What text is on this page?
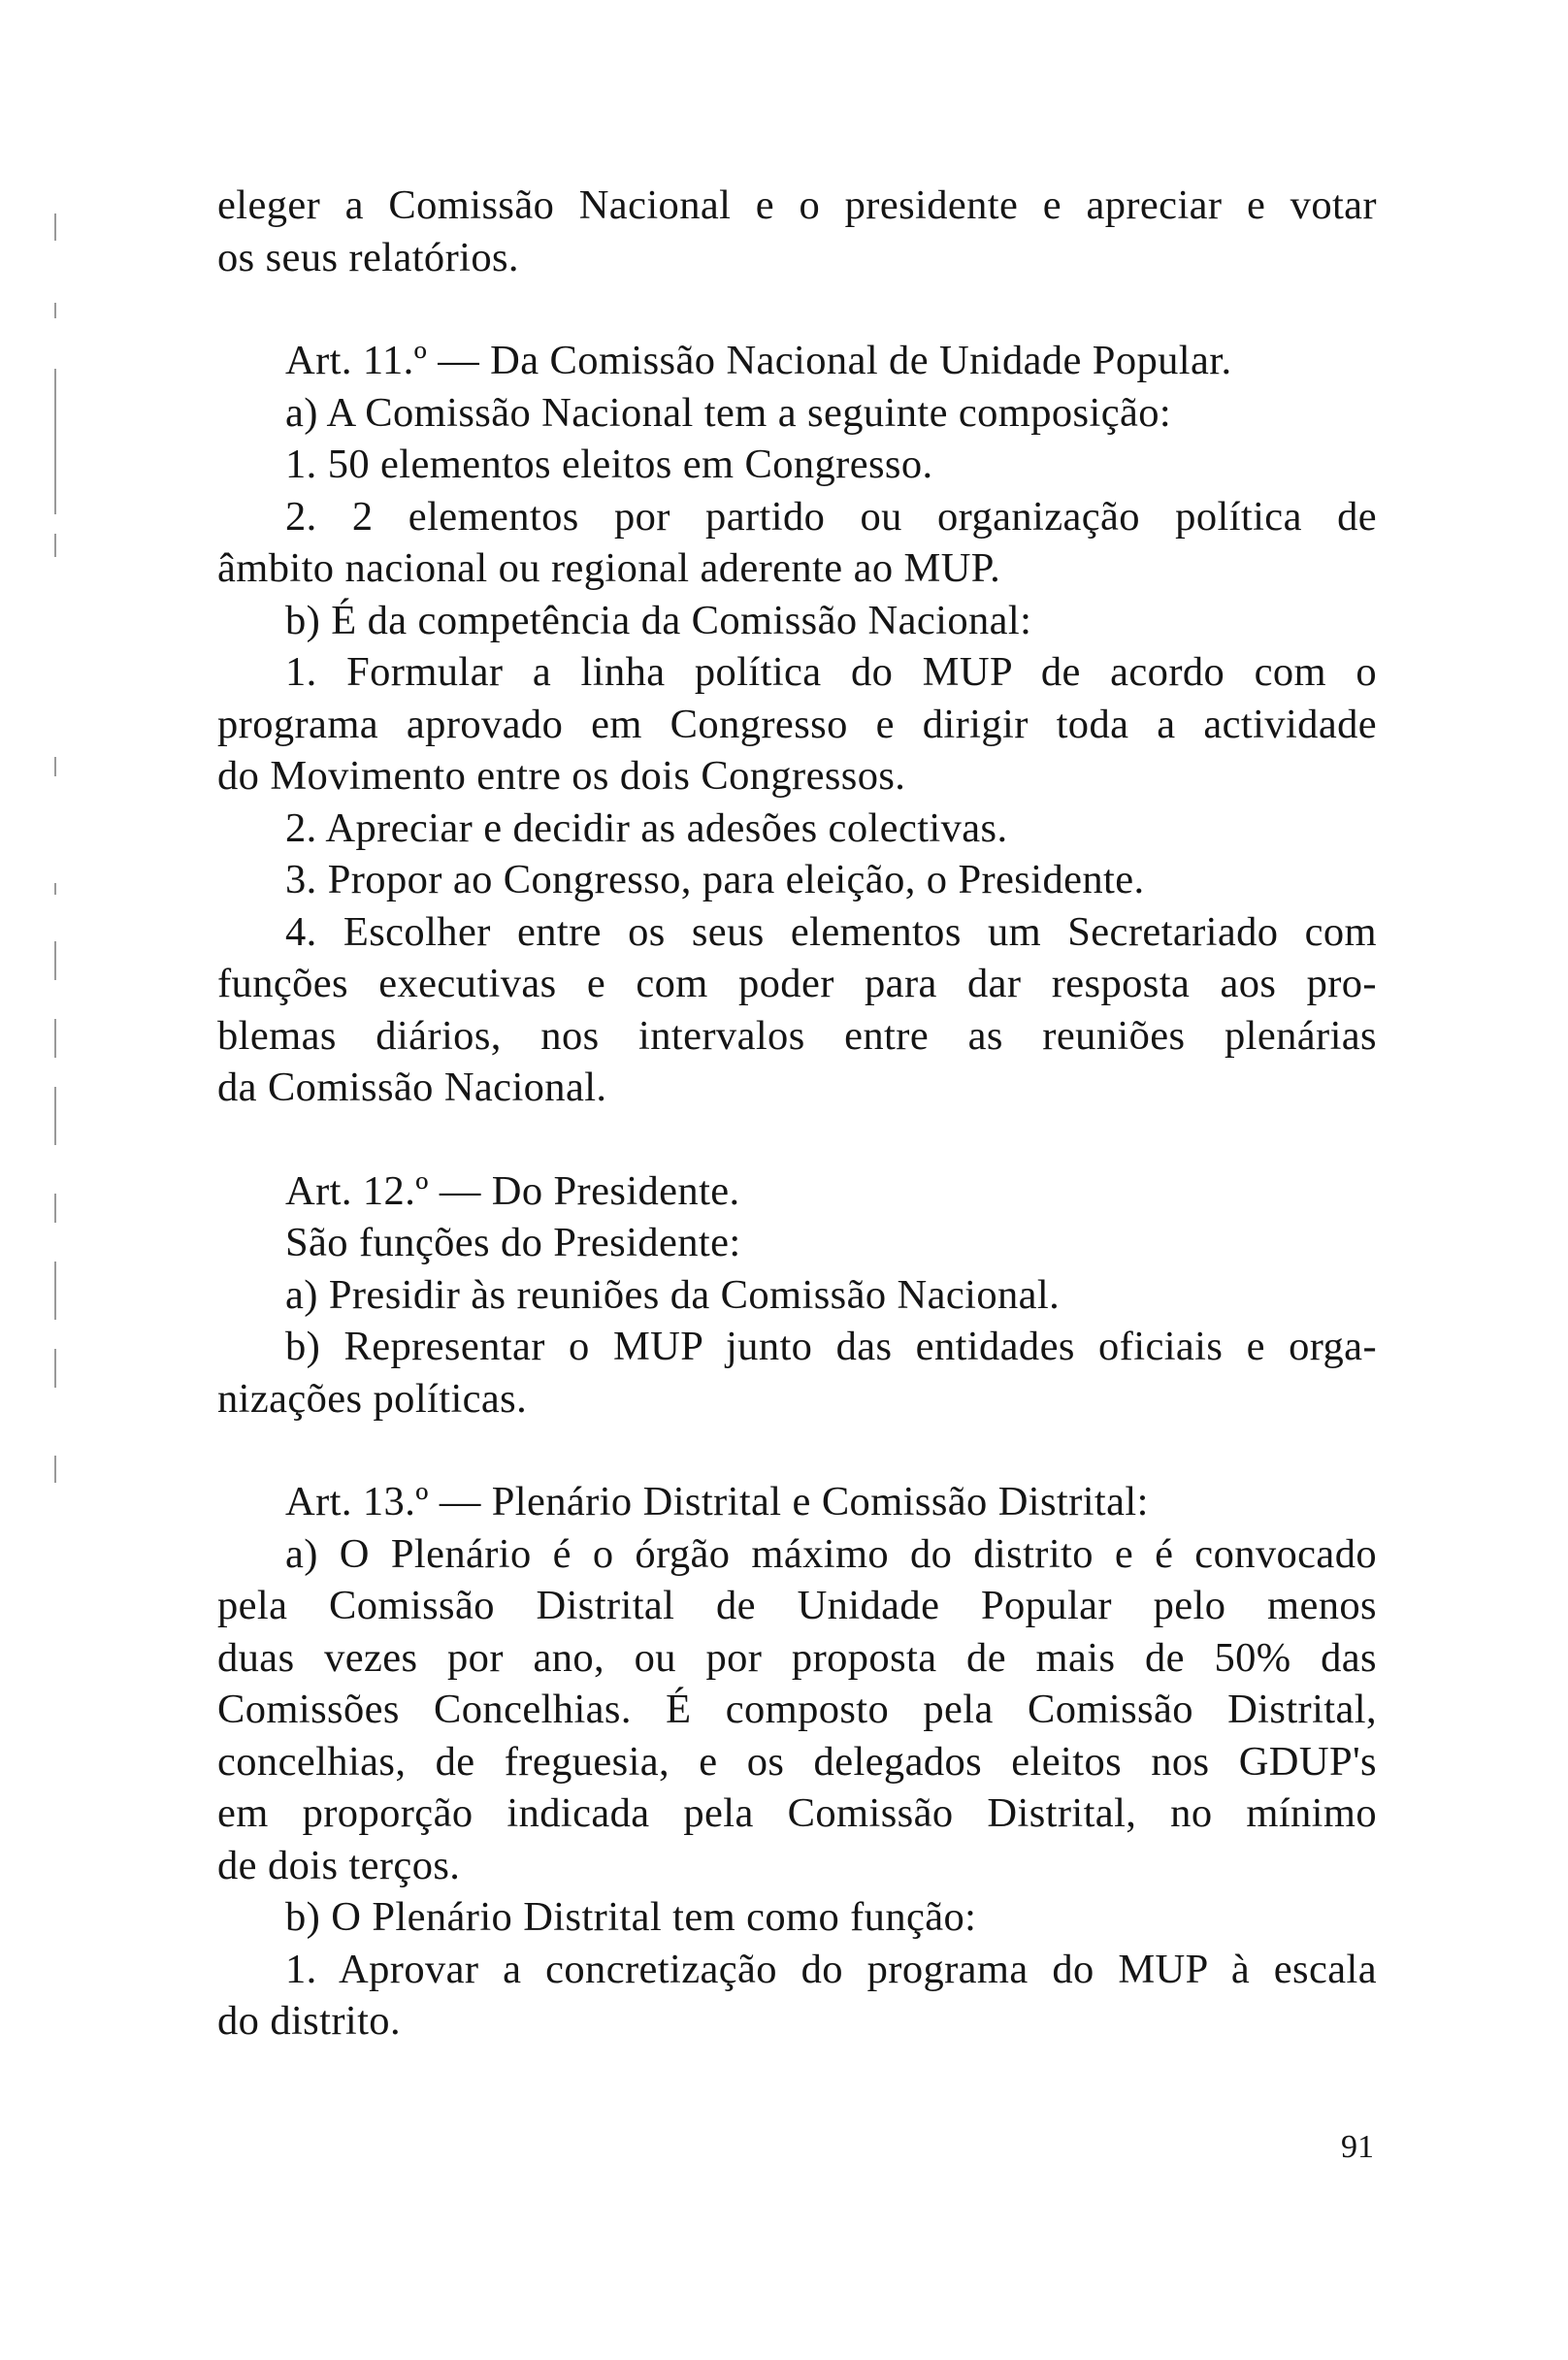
eleger a Comissão Nacional e o presidente e apreciar e votar
os seus relatórios.
Art. 11.º — Da Comissão Nacional de Unidade Popular.
a) A Comissão Nacional tem a seguinte composição:
1. 50 elementos eleitos em Congresso.
2. 2 elementos por partido ou organização política de
âmbito nacional ou regional aderente ao MUP.
b) É da competência da Comissão Nacional:
1. Formular a linha política do MUP de acordo com o
programa aprovado em Congresso e dirigir toda a actividade
do Movimento entre os dois Congressos.
2. Apreciar e decidir as adesões colectivas.
3. Propor ao Congresso, para eleição, o Presidente.
4. Escolher entre os seus elementos um Secretariado com
funções executivas e com poder para dar resposta aos pro-
blemas diários, nos intervalos entre as reuniões plenárias
da Comissão Nacional.
Art. 12.º — Do Presidente.
São funções do Presidente:
a) Presidir às reuniões da Comissão Nacional.
b) Representar o MUP junto das entidades oficiais e orga-
nizações políticas.
Art. 13.º — Plenário Distrital e Comissão Distrital:
a) O Plenário é o órgão máximo do distrito e é convocado
pela Comissão Distrital de Unidade Popular pelo menos
duas vezes por ano, ou por proposta de mais de 50% das
Comissões Concelhias. É composto pela Comissão Distrital,
concelhias, de freguesia, e os delegados eleitos nos GDUP's
em proporção indicada pela Comissão Distrital, no mínimo
de dois terços.
b) O Plenário Distrital tem como função:
1. Aprovar a concretização do programa do MUP à escala
do distrito.
91
